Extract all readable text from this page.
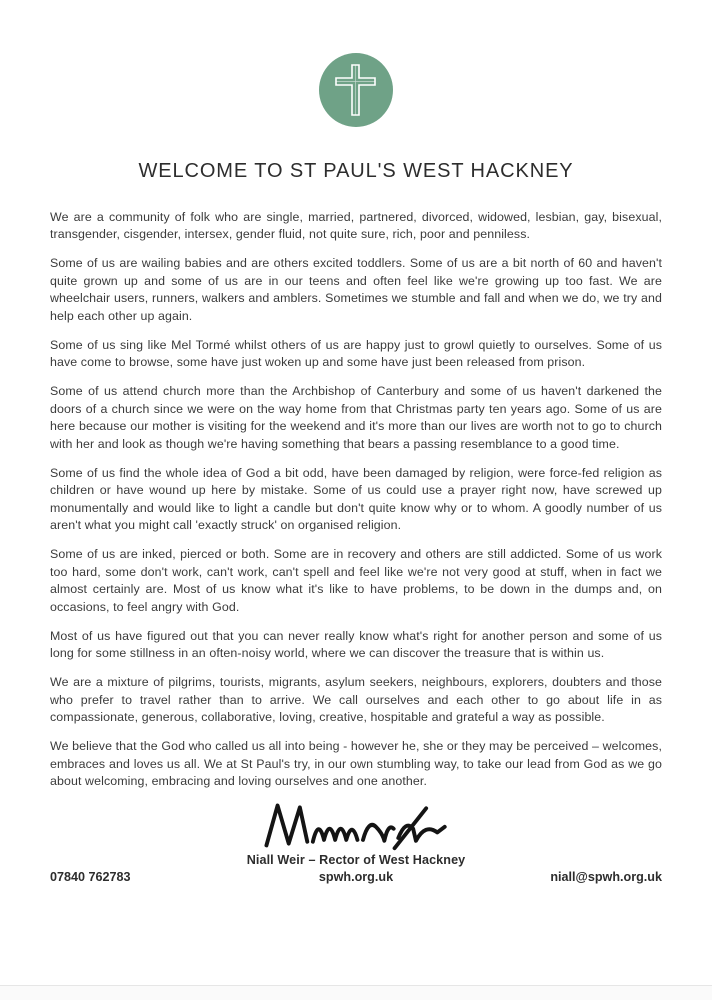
WELCOME TO ST PAUL'S WEST HACKNEY

We are a community of folk who are single, married, partnered, divorced, widowed, lesbian, gay, bisexual, transgender, cisgender, intersex, gender fluid, not quite sure, rich, poor and penniless.

Some of us are wailing babies and are others excited toddlers. Some of us are a bit north of 60 and haven't quite grown up and some of us are in our teens and often feel like we're growing up too fast. We are wheelchair users, runners, walkers and amblers. Sometimes we stumble and fall and when we do, we try and help each other up again.

Some of us sing like Mel Tormé whilst others of us are happy just to growl quietly to ourselves. Some of us have come to browse, some have just woken up and some have just been released from prison.

Some of us attend church more than the Archbishop of Canterbury and some of us haven't darkened the doors of a church since we were on the way home from that Christmas party ten years ago. Some of us are here because our mother is visiting for the weekend and it's more than our lives are worth not to go to church with her and look as though we're having something that bears a passing resemblance to a good time.

Some of us find the whole idea of God a bit odd, have been damaged by religion, were force-fed religion as children or have wound up here by mistake. Some of us could use a prayer right now, have screwed up monumentally and would like to light a candle but don't quite know why or to whom. A goodly number of us aren't what you might call 'exactly struck' on organised religion.

Some of us are inked, pierced or both. Some are in recovery and others are still addicted. Some of us work too hard, some don't work, can't work, can't spell and feel like we're not very good at stuff, when in fact we almost certainly are. Most of us know what it's like to have problems, to be down in the dumps and, on occasions, to feel angry with God.

Most of us have figured out that you can never really know what's right for another person and some of us long for some stillness in an often-noisy world, where we can discover the treasure that is within us.

We are a mixture of pilgrims, tourists, migrants, asylum seekers, neighbours, explorers, doubters and those who prefer to travel rather than to arrive. We call ourselves and each other to go about life in as compassionate, generous, collaborative, loving, creative, hospitable and grateful a way as possible.

We believe that the God who called us all into being - however he, she or they may be perceived – welcomes, embraces and loves us all. We at St Paul's try, in our own stumbling way, to take our lead from God as we go about welcoming, embracing and loving ourselves and one another.

Niall Weir – Rector of West Hackney
07840 762783	spwh.org.uk	niall@spwh.org.uk
